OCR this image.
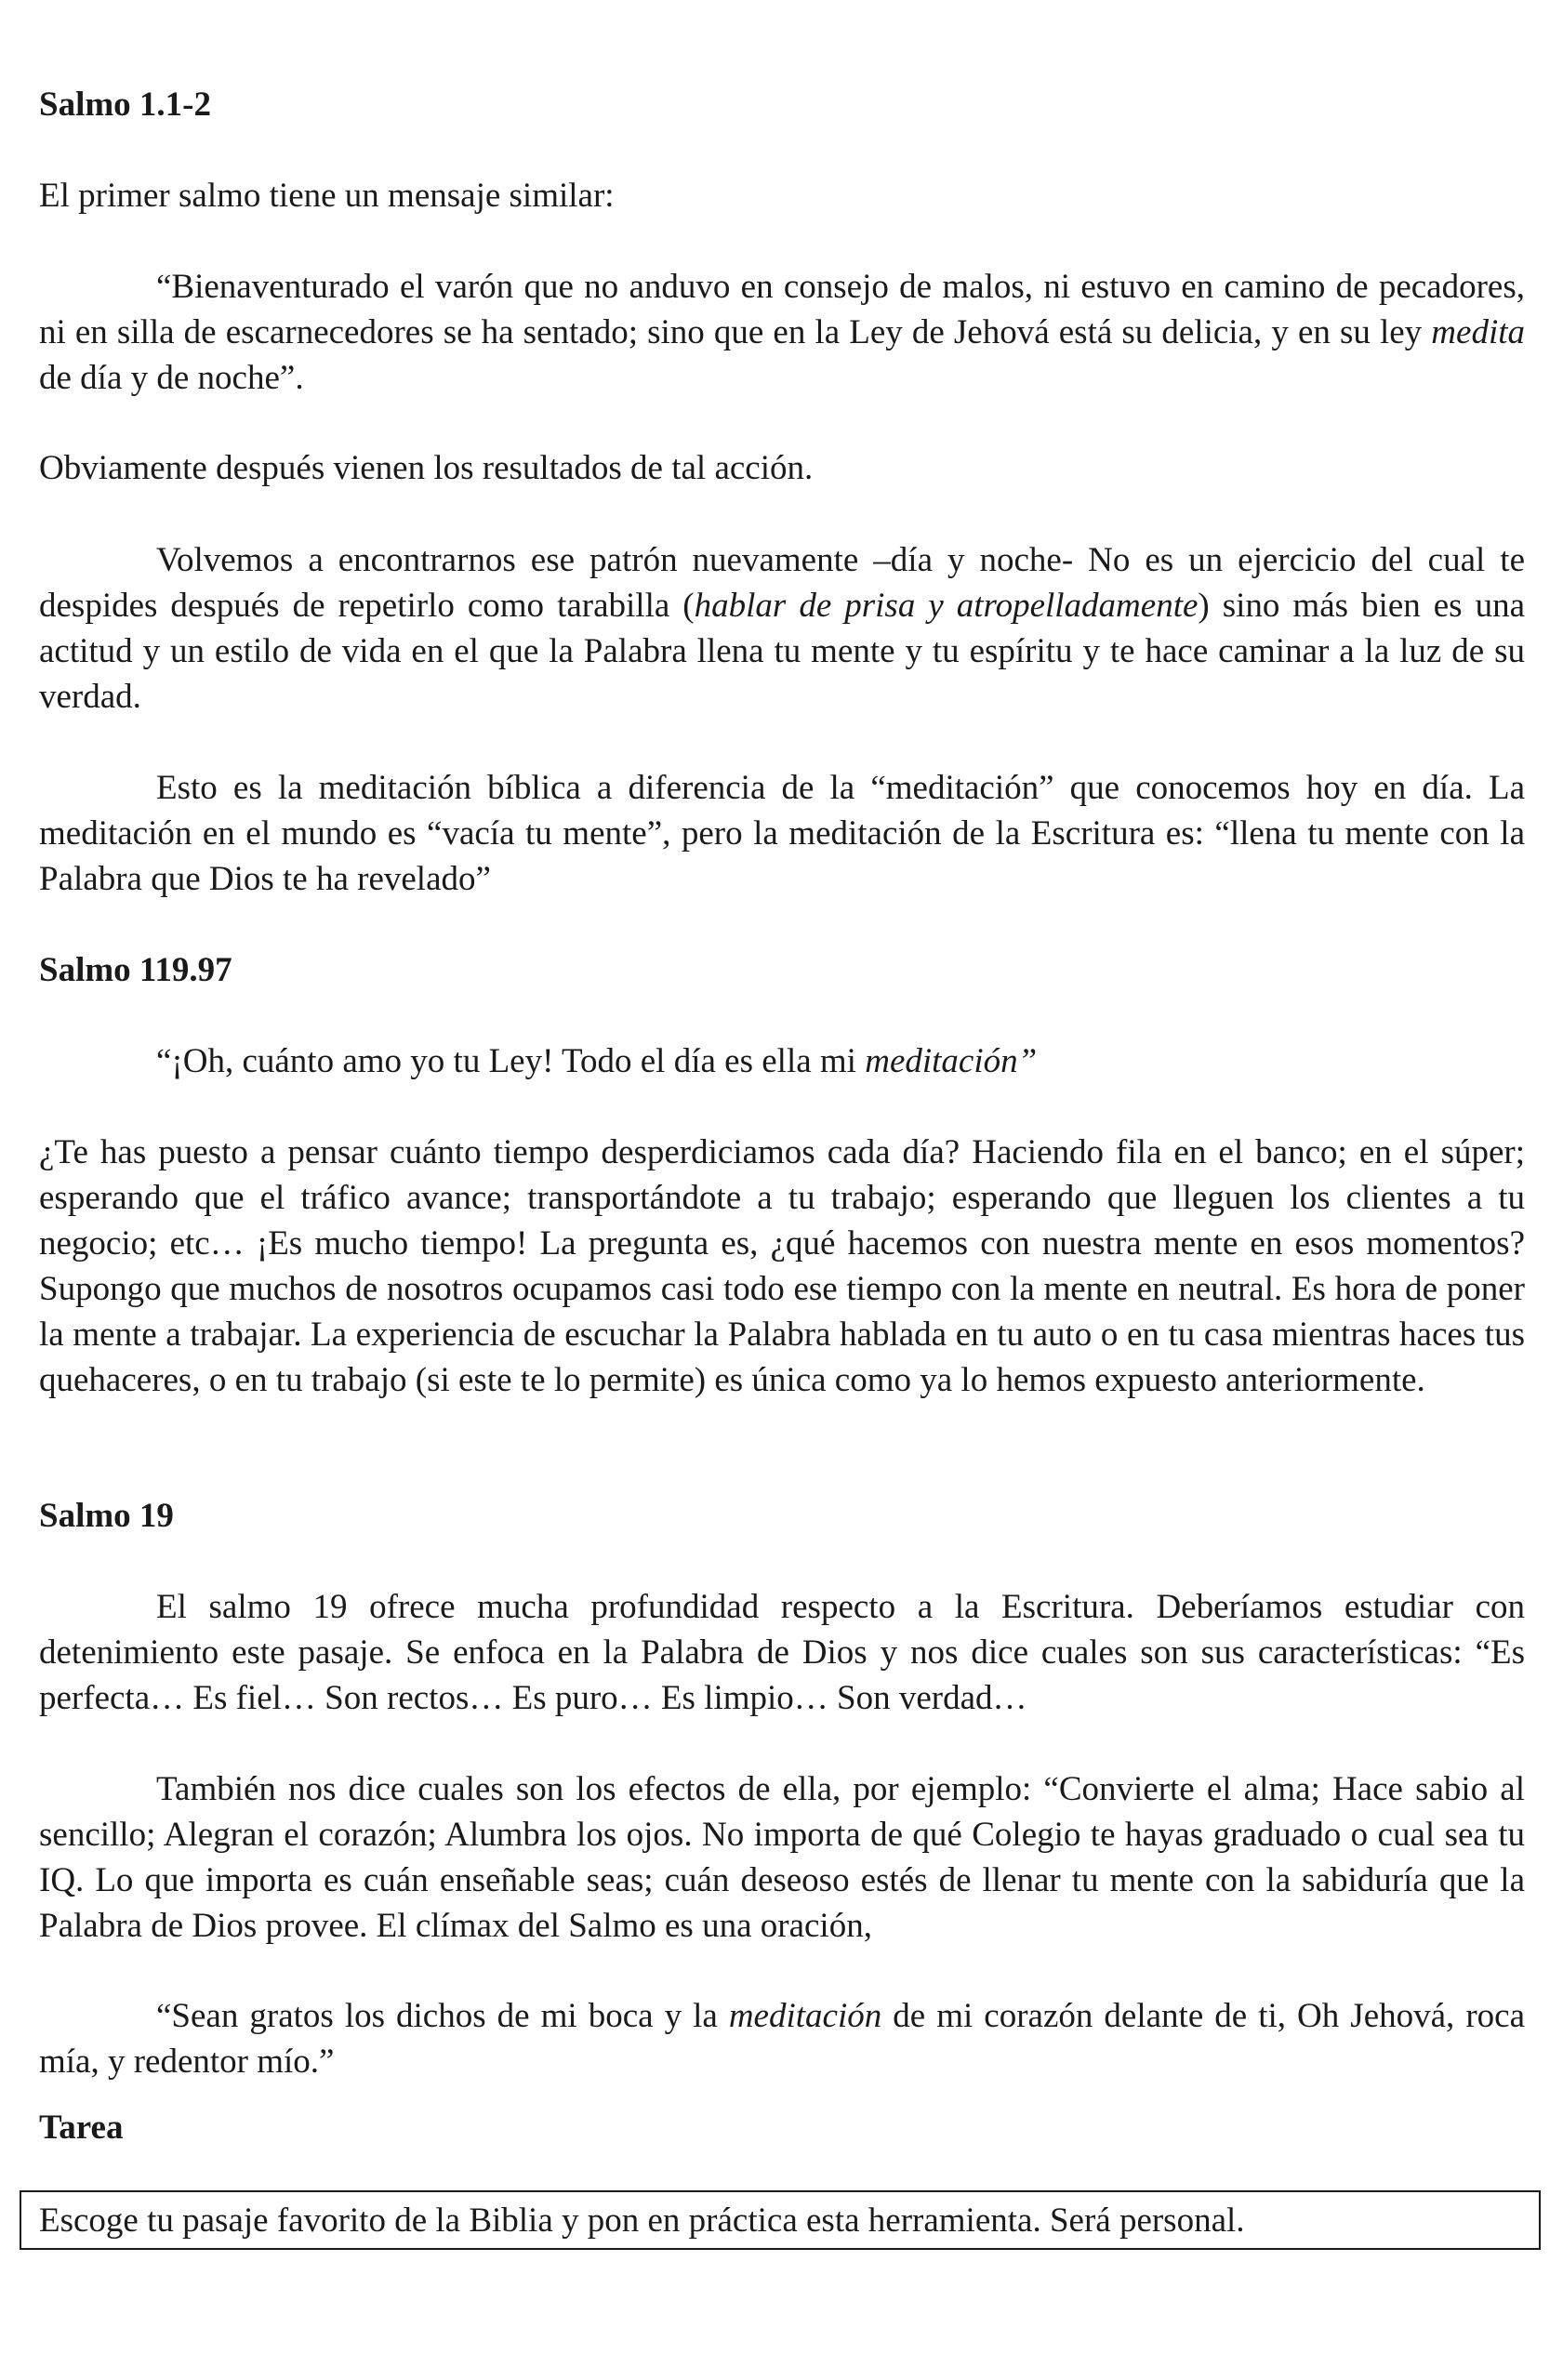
Salmo 1.1-2

El primer salmo tiene un mensaje similar:

“Bienaventurado el varón que no anduvo en consejo de malos, ni estuvo en camino de pecadores, ni en silla de escarnecedores se ha sentado; sino que en la Ley de Jehová está su delicia, y en su ley medita de día y de noche”.

Obviamente después vienen los resultados de tal acción.

Volvemos a encontrarnos ese patrón nuevamente –día y noche- No es un ejercicio del cual te despides después de repetirlo como tarabilla (hablar de prisa y atropelladamente) sino más bien es una actitud y un estilo de vida en el que la Palabra llena tu mente y tu espíritu y te hace caminar a la luz de su verdad.

Esto es la meditación bíblica a diferencia de la “meditación” que conocemos hoy en día. La meditación en el mundo es “vacía tu mente”, pero la meditación de la Escritura es: “llena tu mente con la Palabra que Dios te ha revelado”

Salmo 119.97

“¡Oh, cuánto amo yo tu Ley! Todo el día es ella mi meditación”

¿Te has puesto a pensar cuánto tiempo desperdiciamos cada día? Haciendo fila en el banco; en el súper; esperando que el tráfico avance; transportándote a tu trabajo; esperando que lleguen los clientes a tu negocio; etc… ¡Es mucho tiempo! La pregunta es, ¿qué hacemos con nuestra mente en esos momentos? Supongo que muchos de nosotros ocupamos casi todo ese tiempo con la mente en neutral. Es hora de poner la mente a trabajar. La experiencia de escuchar la Palabra hablada en tu auto o en tu casa mientras haces tus quehaceres, o en tu trabajo (si este te lo permite) es única como ya lo hemos expuesto anteriormente.

Salmo 19

El salmo 19 ofrece mucha profundidad respecto a la Escritura. Deberíamos estudiar con detenimiento este pasaje. Se enfoca en la Palabra de Dios y nos dice cuales son sus características: “Es perfecta… Es fiel… Son rectos… Es puro… Es limpio… Son verdad…

También nos dice cuales son los efectos de ella, por ejemplo: “Convierte el alma; Hace sabio al sencillo; Alegran el corazón; Alumbra los ojos. No importa de qué Colegio te hayas graduado o cual sea tu IQ. Lo que importa es cuán enseñable seas; cuán deseoso estés de llenar tu mente con la sabiduría que la Palabra de Dios provee. El clímax del Salmo es una oración,

“Sean gratos los dichos de mi boca y la meditación de mi corazón delante de ti, Oh Jehová, roca mía, y redentor mío.”

Tarea

Escoge tu pasaje favorito de la Biblia y pon en práctica esta herramienta. Será personal.
